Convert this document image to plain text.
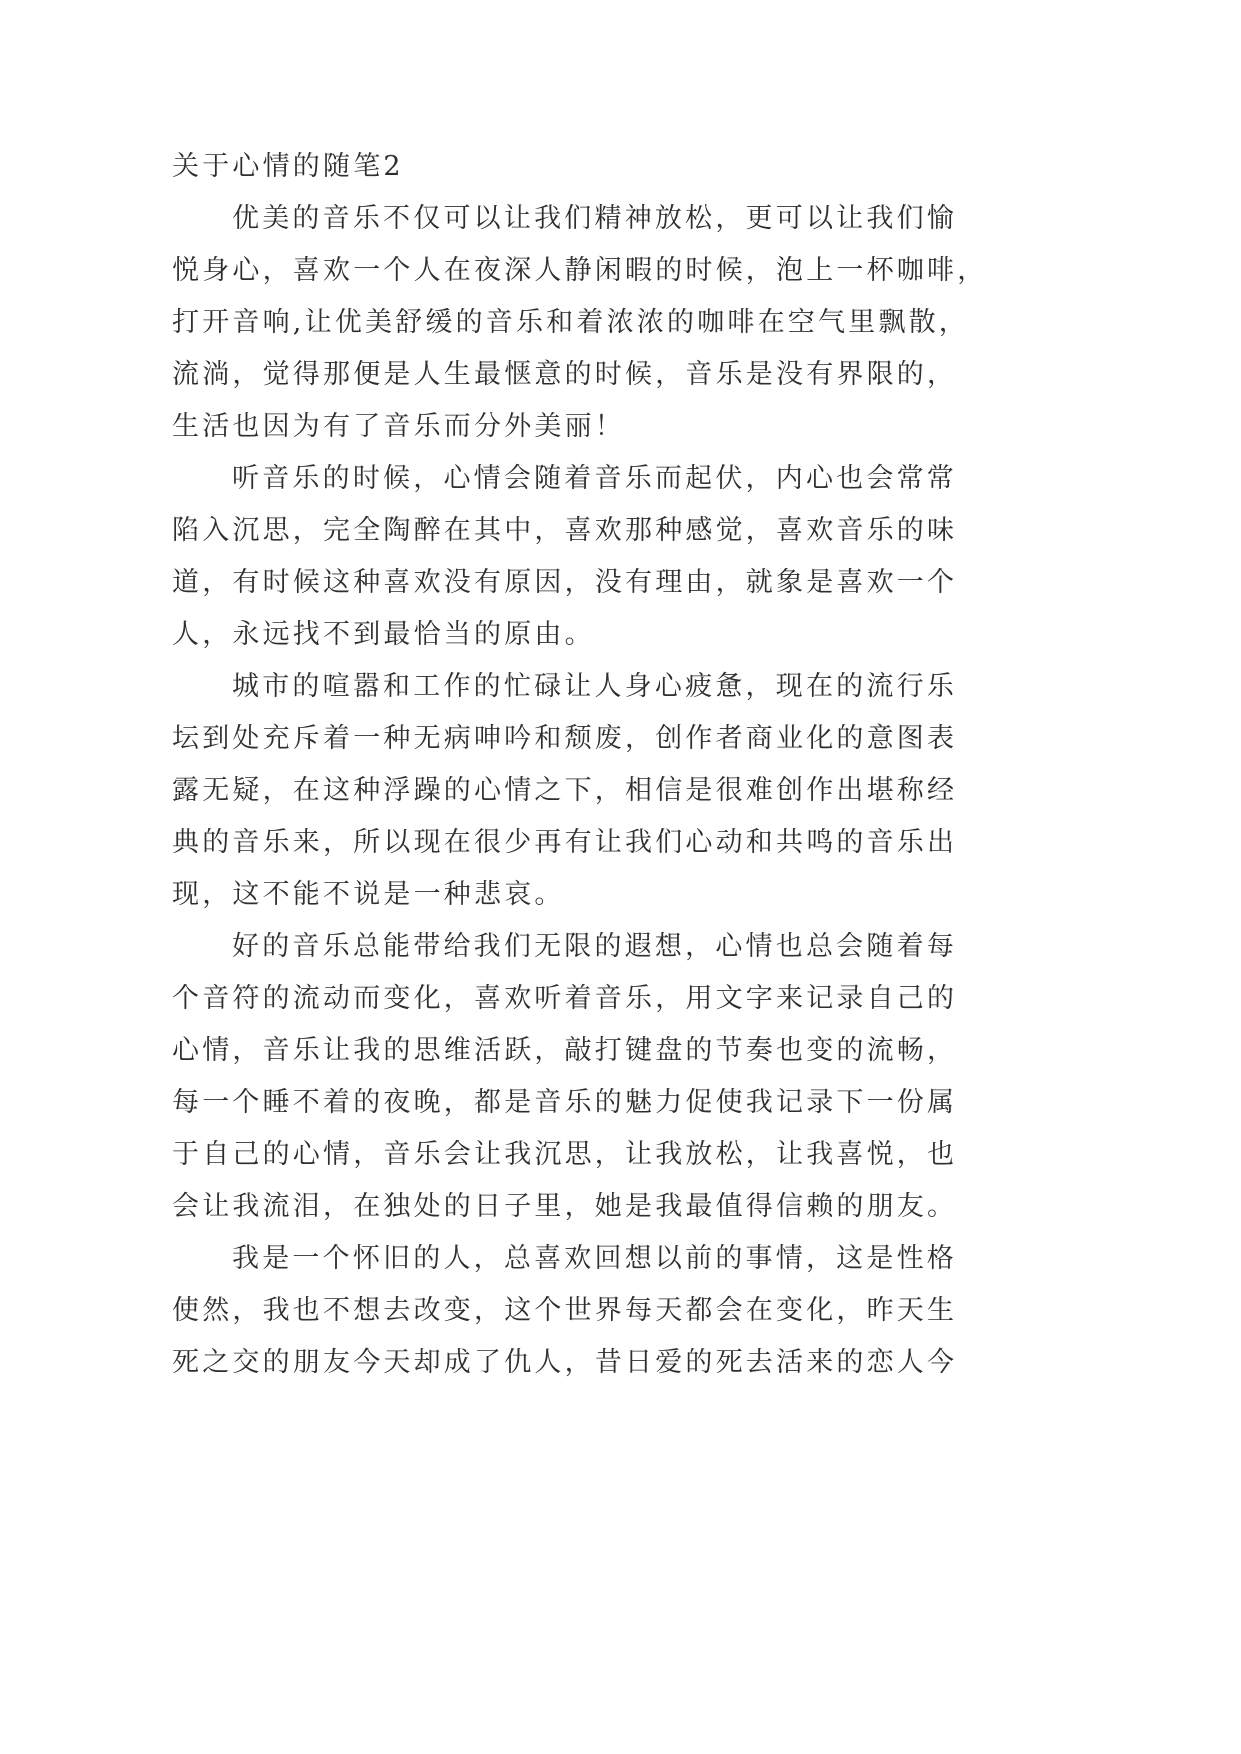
关于心情的随笔2
优美的音乐不仅可以让我们精神放松，更可以让我们愉
悦身心，喜欢一个人在夜深人静闲暇的时候，泡上一杯咖啡，
打开音响,让优美舒缓的音乐和着浓浓的咖啡在空气里飘散，
流淌，觉得那便是人生最惬意的时候，音乐是没有界限的，
生活也因为有了音乐而分外美丽！
听音乐的时候，心情会随着音乐而起伏，内心也会常常
陷入沉思，完全陶醉在其中，喜欢那种感觉，喜欢音乐的味
道，有时候这种喜欢没有原因，没有理由，就象是喜欢一个
人，永远找不到最恰当的原由。
城市的喧嚣和工作的忙碌让人身心疲惫，现在的流行乐
坛到处充斥着一种无病呻吟和颓废，创作者商业化的意图表
露无疑，在这种浮躁的心情之下，相信是很难创作出堪称经
典的音乐来，所以现在很少再有让我们心动和共鸣的音乐出
现，这不能不说是一种悲哀。
好的音乐总能带给我们无限的遐想，心情也总会随着每
个音符的流动而变化，喜欢听着音乐，用文字来记录自己的
心情，音乐让我的思维活跃，敲打键盘的节奏也变的流畅，
每一个睡不着的夜晚，都是音乐的魅力促使我记录下一份属
于自己的心情，音乐会让我沉思，让我放松，让我喜悦，也
会让我流泪，在独处的日子里，她是我最值得信赖的朋友。
我是一个怀旧的人，总喜欢回想以前的事情，这是性格
使然，我也不想去改变，这个世界每天都会在变化，昨天生
死之交的朋友今天却成了仇人，昔日爱的死去活来的恋人今
